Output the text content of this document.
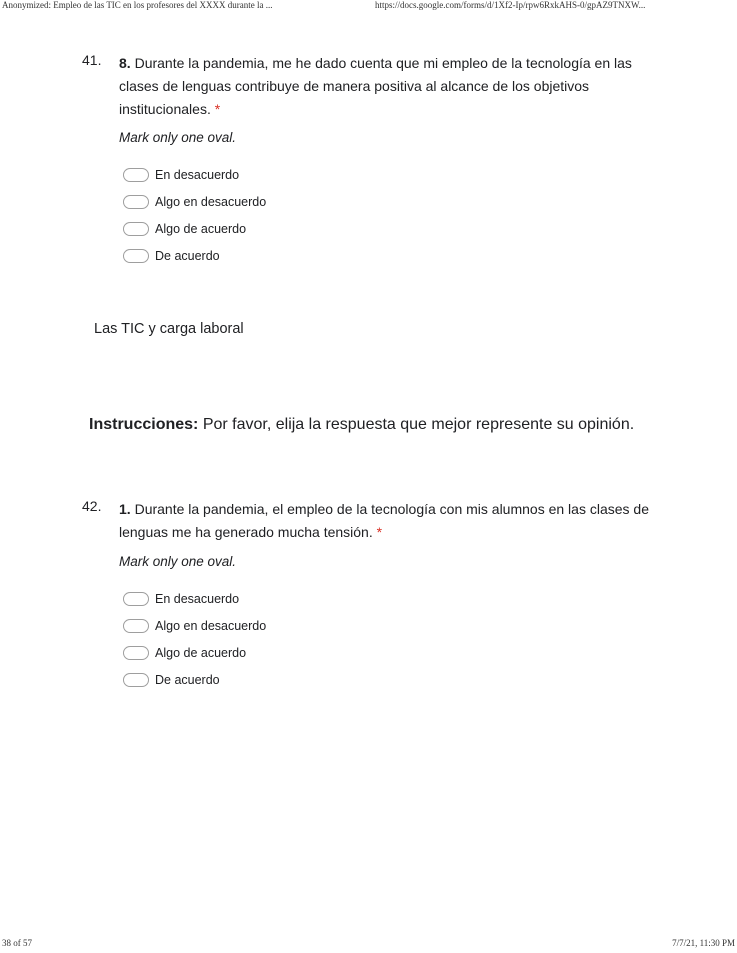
Anonymized: Empleo de las TIC en los profesores del XXXX durante la ...	https://docs.google.com/forms/d/1Xf2-Ip/rpw6RxkAHS-0/gpAZ9TNXW...
41. 8. Durante la pandemia, me he dado cuenta que mi empleo de la tecnología en las clases de lenguas contribuye de manera positiva al alcance de los objetivos institucionales. *
Mark only one oval.
En desacuerdo
Algo en desacuerdo
Algo de acuerdo
De acuerdo
Las TIC y carga laboral
Instrucciones: Por favor, elija la respuesta que mejor represente su opinión.
42. 1. Durante la pandemia, el empleo de la tecnología con mis alumnos en las clases de lenguas me ha generado mucha tensión. *
Mark only one oval.
En desacuerdo
Algo en desacuerdo
Algo de acuerdo
De acuerdo
38 of 57	7/7/21, 11:30 PM
